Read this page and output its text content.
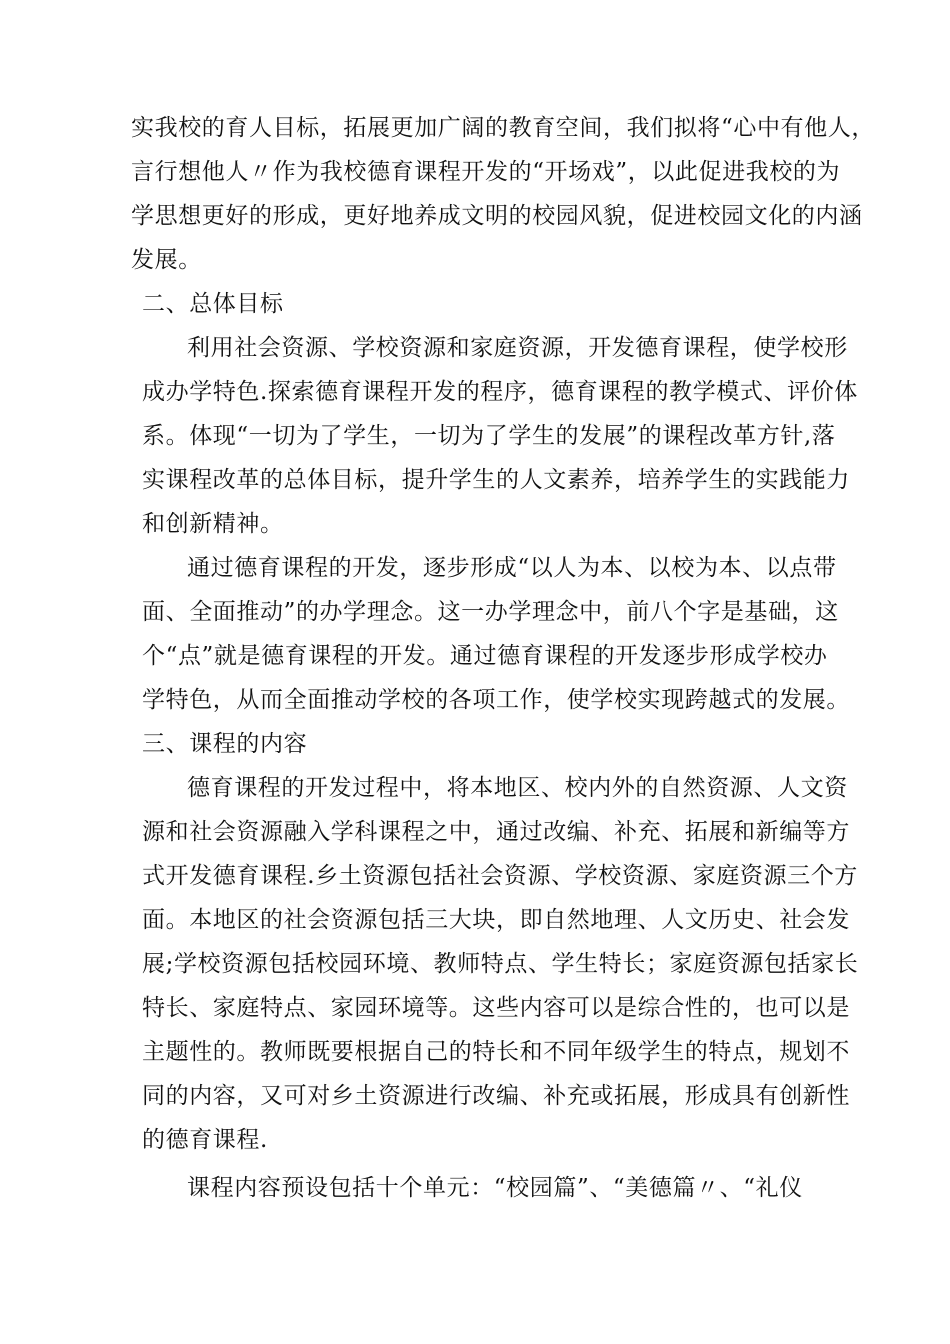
实我校的育人目标，拓展更加广阔的教育空间，我们拟将“心中有他人，
言行想他人〃作为我校德育课程开发的“开场戏”，以此促进我校的为
学思想更好的形成，更好地养成文明的校园风貌，促进校园文化的内涵
发展。
二、总体目标
利用社会资源、学校资源和家庭资源，开发德育课程，使学校形
成办学特色.探索德育课程开发的程序，德育课程的教学模式、评价体
系。体现“一切为了学生，一切为了学生的发展”的课程改革方针,落
实课程改革的总体目标，提升学生的人文素养，培养学生的实践能力
和创新精神。
通过德育课程的开发，逐步形成“以人为本、以校为本、以点带
面、全面推动”的办学理念。这一办学理念中，前八个字是基础，这
个“点”就是德育课程的开发。通过德育课程的开发逐步形成学校办
学特色，从而全面推动学校的各项工作，使学校实现跨越式的发展。
三、课程的内容
德育课程的开发过程中，将本地区、校内外的自然资源、人文资
源和社会资源融入学科课程之中，通过改编、补充、拓展和新编等方
式开发德育课程.乡土资源包括社会资源、学校资源、家庭资源三个方
面。本地区的社会资源包括三大块，即自然地理、人文历史、社会发
展;学校资源包括校园环境、教师特点、学生特长；家庭资源包括家长
特长、家庭特点、家园环境等。这些内容可以是综合性的，也可以是
主题性的。教师既要根据自己的特长和不同年级学生的特点，规划不
同的内容，又可对乡土资源进行改编、补充或拓展，形成具有创新性
的德育课程.
课程内容预设包括十个单元：“校园篇”、“美德篇〃、“礼仪
